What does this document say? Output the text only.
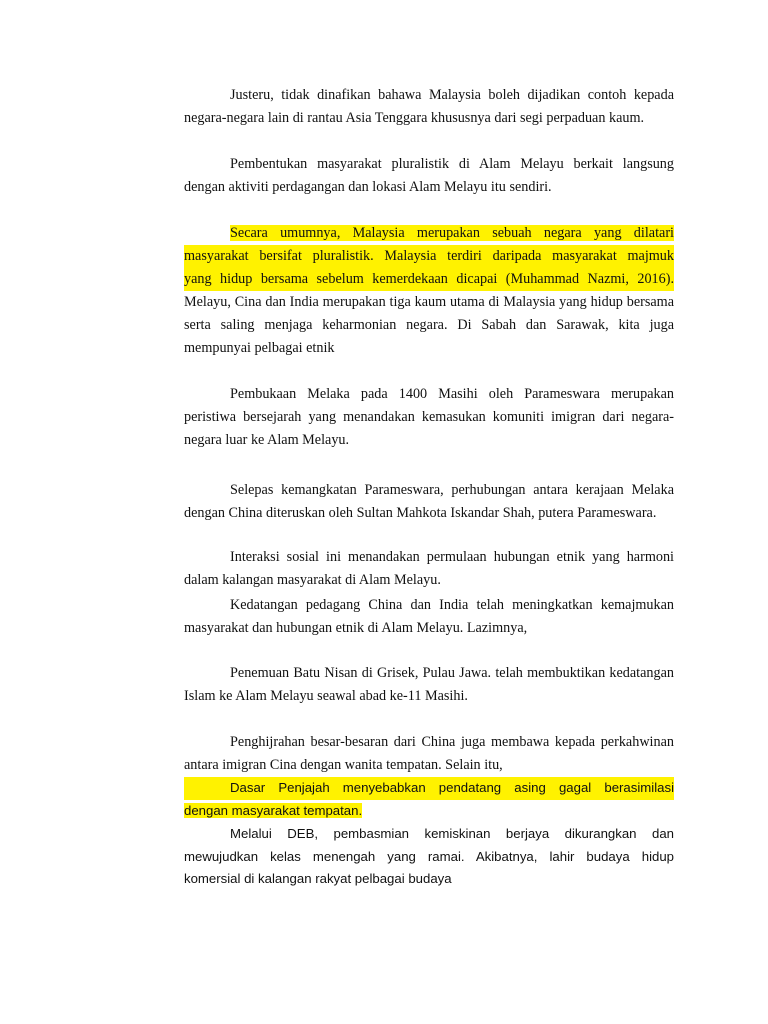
Justeru, tidak dinafikan bahawa Malaysia boleh dijadikan contoh kepada
negara-negara lain di rantau Asia Tenggara khususnya dari segi perpaduan kaum.
Pembentukan masyarakat pluralistik di Alam Melayu berkait langsung
dengan aktiviti perdagangan dan lokasi Alam Melayu itu sendiri.
Secara umumnya, Malaysia merupakan sebuah negara yang dilatari
masyarakat bersifat pluralistik. Malaysia terdiri daripada masyarakat majmuk
yang hidup bersama sebelum kemerdekaan dicapai (Muhammad Nazmi, 2016).
Melayu, Cina dan India merupakan tiga kaum utama di Malaysia yang hidup bersama
serta saling menjaga keharmonian negara. Di Sabah dan Sarawak, kita juga
mempunyai pelbagai etnik
Pembukaan Melaka pada 1400 Masihi oleh Parameswara merupakan
peristiwa bersejarah yang menandakan kemasukan komuniti imigran dari negara-
negara luar ke Alam Melayu.
Selepas kemangkatan Parameswara, perhubungan antara kerajaan Melaka
dengan China diteruskan oleh Sultan Mahkota Iskandar Shah, putera Parameswara.
Interaksi sosial ini menandakan permulaan hubungan etnik yang harmoni
dalam kalangan masyarakat di Alam Melayu.
Kedatangan pedagang China dan India telah meningkatkan kemajmukan
masyarakat dan hubungan etnik di Alam Melayu. Lazimnya,
Penemuan Batu Nisan di Grisek, Pulau Jawa. telah membuktikan kedatangan
Islam ke Alam Melayu seawal abad ke-11 Masihi.
Penghijrahan besar-besaran dari China juga membawa kepada perkahwinan
antara imigran Cina dengan wanita tempatan. Selain itu,
Dasar Penjajah menyebabkan pendatang asing gagal berasimilasi
dengan masyarakat tempatan.
Melalui DEB, pembasmian kemiskinan berjaya dikurangkan dan
mewujudkan kelas menengah yang ramai. Akibatnya, lahir budaya hidup
komersial di kalangan rakyat pelbagai budaya
